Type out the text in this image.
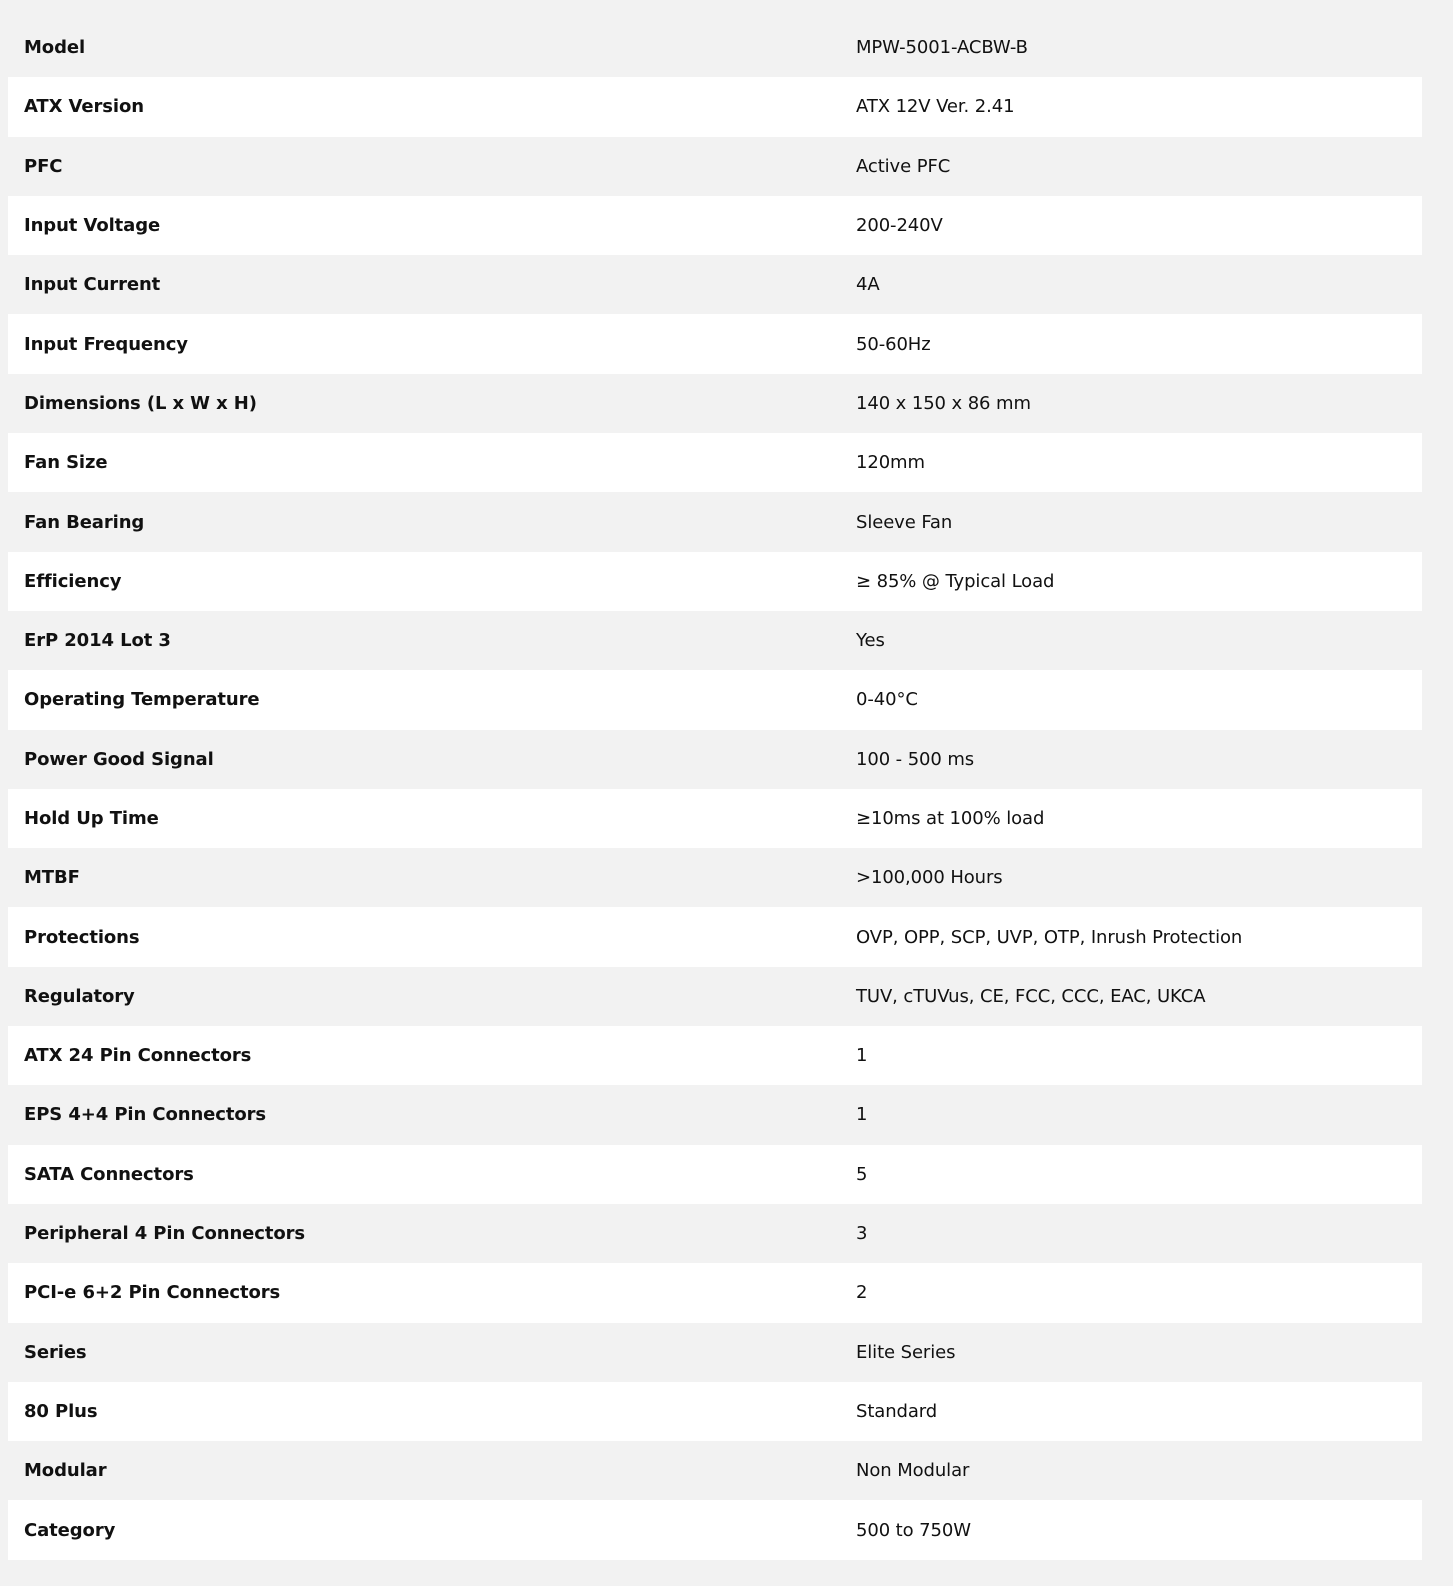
Model	MPW-5001-ACBW-B
ATX Version	ATX 12V Ver. 2.41
PFC	Active PFC
Input Voltage	200-240V
Input Current	4A
Input Frequency	50-60Hz
Dimensions (L x W x H)	140 x 150 x 86 mm
Fan Size	120mm
Fan Bearing	Sleeve Fan
Efficiency	≥ 85% @ Typical Load
ErP 2014 Lot 3	Yes
Operating Temperature	0-40°C
Power Good Signal	100 - 500 ms
Hold Up Time	≥10ms at 100% load
MTBF	>100,000 Hours
Protections	OVP, OPP, SCP, UVP, OTP, Inrush Protection
Regulatory	TUV, cTUVus, CE, FCC, CCC, EAC, UKCA
ATX 24 Pin Connectors	1
EPS 4+4 Pin Connectors	1
SATA Connectors	5
Peripheral 4 Pin Connectors	3
PCI-e 6+2 Pin Connectors	2
Series	Elite Series
80 Plus	Standard
Modular	Non Modular
Category	500 to 750W
